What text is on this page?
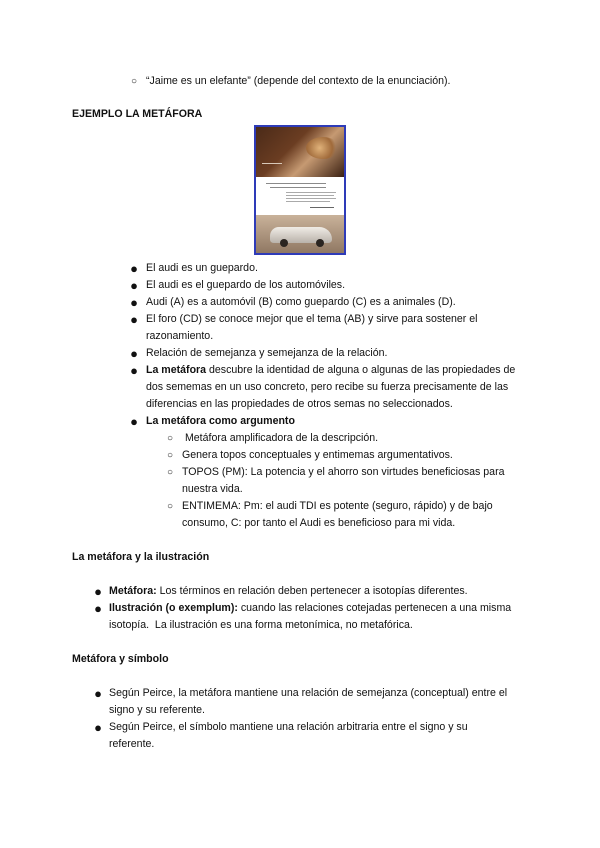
○ “Jaime es un elefante” (depende del contexto de la enunciación).
EJEMPLO LA METÁFORA
● El audi es un guepardo.
● El audi es el guepardo de los automóviles.
● Audi (A) es a automóvil (B) como guepardo (C) es a animales (D).
● El foro (CD) se conoce mejor que el tema (AB) y sirve para sostener el
razonamiento.
● Relación de semejanza y semejanza de la relación.
● La metáfora descubre la identidad de alguna o algunas de las propiedades de
dos sememas en un uso concreto, pero recibe su fuerza precisamente de las
diferencias en las propiedades de otros semas no seleccionados.
● La metáfora como argumento
○ Metáfora amplificadora de la descripción.
○ Genera topos conceptuales y entimemas argumentativos.
○ TOPOS (PM): La potencia y el ahorro son virtudes beneficiosas para
nuestra vida.
○ ENTIMEMA: Pm: el audi TDI es potente (seguro, rápido) y de bajo
consumo, C: por tanto el Audi es beneficioso para mi vida.
La metáfora y la ilustración
● Metáfora: Los términos en relación deben pertenecer a isotopías diferentes.
● Ilustración (o exemplum): cuando las relaciones cotejadas pertenecen a una misma
isotopía.  La ilustración es una forma metonímica, no metafórica.
Metáfora y símbolo
● Según Peirce, la metáfora mantiene una relación de semejanza (conceptual) entre el
signo y su referente.
● Según Peirce, el símbolo mantiene una relación arbitraria entre el signo y su
referente.
